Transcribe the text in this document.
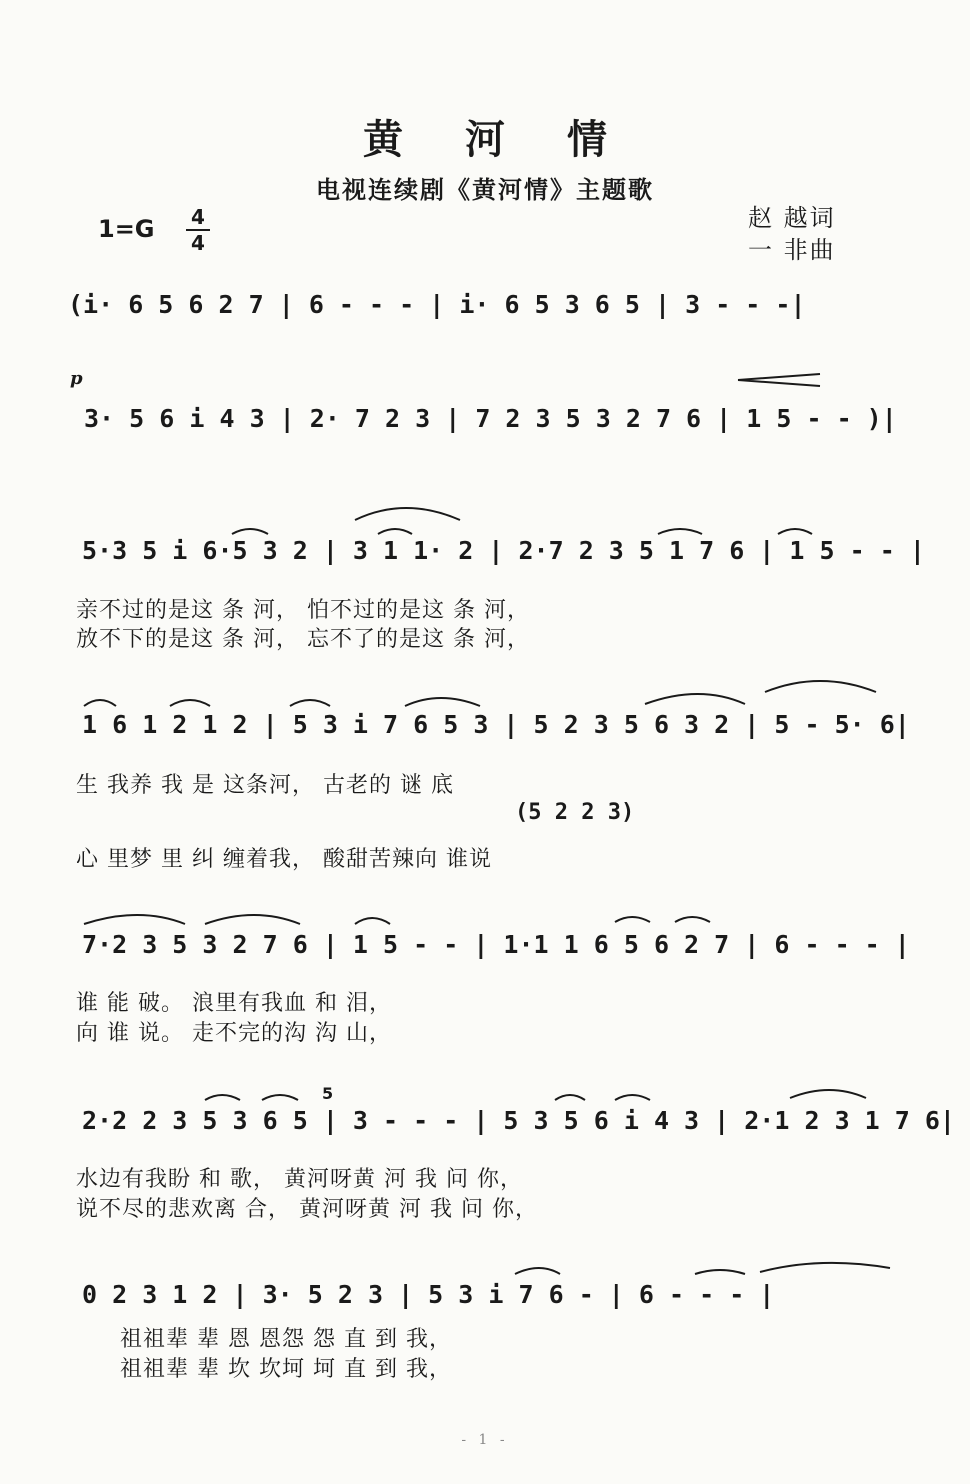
黄河情
电视连续剧《黄河情》主题歌
1=G 4
4
赵 越词
一 非曲
p
(i· 6 5 6 2 7 | 6 - - - | i· 6 5 3 6 5 | 3 - - -|
3· 5 6 i 4 3 | 2· 7 2 3 | 7 2 3 5 3 2 7 6 | 1 5 - - )|
5·3 5 i 6·5 3 2 | 3 1 1· 2 | 2·7 2 3 5 1 7 6 | 1 5 - - |
亲不过的是这 条 河， 怕不过的是这 条 河，
放不下的是这 条 河， 忘不了的是这 条 河，
1 6 1 2 1 2 | 5 3 i 7 6 5 3 | 5 2 3 5 6 3 2 | 5 - 5· 6|
生 我养 我 是 这条河， 古老的 谜 底
(5 2 2 3)
心 里梦 里 纠 缠着我， 酸甜苦辣向 谁说
7·2 3 5 3 2 7 6 | 1 5 - - | 1·1 1 6 5 6 2 7 | 6 - - - |
谁 能 破。 浪里有我血 和 泪，
向 谁 说。 走不完的沟 沟 山，
2·2 2 3 5 3 6 5 | 3 - - - | 5 3 5 6 i 4 3 | 2·1 2 3 1 7 6|
5
水边有我盼 和 歌， 黄河呀黄 河 我 问 你，
说不尽的悲欢离 合， 黄河呀黄 河 我 问 你，
0 2 3 1 2 | 3· 5 2 3 | 5 3 i 7 6 - | 6 - - - |
祖祖辈 辈 恩 恩怨 怨 直 到 我，
祖祖辈 辈 坎 坎坷 坷 直 到 我，
- 1 -
